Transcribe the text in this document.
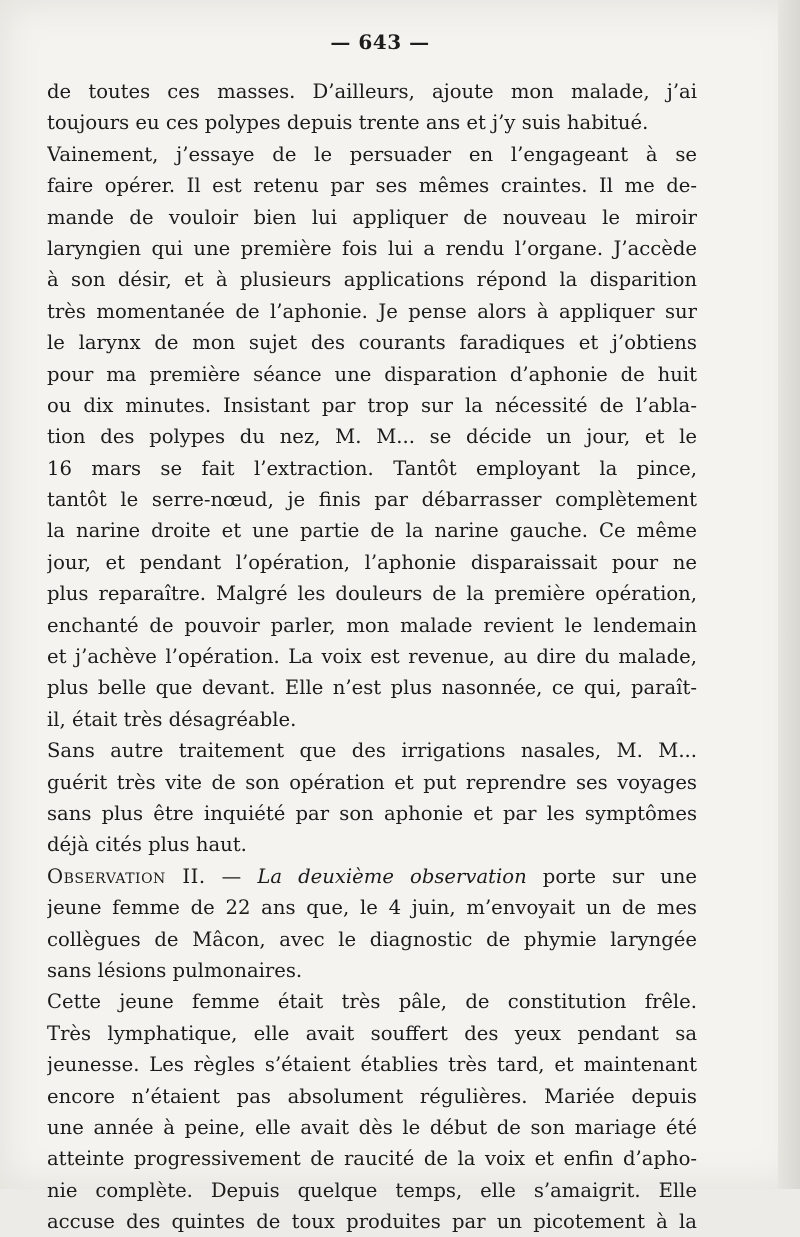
— 643 —
de toutes ces masses. D’ailleurs, ajoute mon malade, j’ai
toujours eu ces polypes depuis trente ans et j’y suis habitué.
Vainement, j’essaye de le persuader en l’engageant à se
faire opérer. Il est retenu par ses mêmes craintes. Il me de-
mande de vouloir bien lui appliquer de nouveau le miroir
laryngien qui une première fois lui a rendu l’organe. J’accède
à son désir, et à plusieurs applications répond la disparition
très momentanée de l’aphonie. Je pense alors à appliquer sur
le larynx de mon sujet des courants faradiques et j’obtiens
pour ma première séance une disparation d’aphonie de huit
ou dix minutes. Insistant par trop sur la nécessité de l’abla-
tion des polypes du nez, M. M... se décide un jour, et le
16 mars se fait l’extraction. Tantôt employant la pince,
tantôt le serre-nœud, je finis par débarrasser complètement
la narine droite et une partie de la narine gauche. Ce même
jour, et pendant l’opération, l’aphonie disparaissait pour ne
plus reparaître. Malgré les douleurs de la première opération,
enchanté de pouvoir parler, mon malade revient le lendemain
et j’achève l’opération. La voix est revenue, au dire du malade,
plus belle que devant. Elle n’est plus nasonnée, ce qui, paraît-
il, était très désagréable.
Sans autre traitement que des irrigations nasales, M. M...
guérit très vite de son opération et put reprendre ses voyages
sans plus être inquiété par son aphonie et par les symptômes
déjà cités plus haut.
Observation II. — La deuxième observation porte sur une
jeune femme de 22 ans que, le 4 juin, m’envoyait un de mes
collègues de Mâcon, avec le diagnostic de phymie laryngée
sans lésions pulmonaires.
Cette jeune femme était très pâle, de constitution frêle.
Très lymphatique, elle avait souffert des yeux pendant sa
jeunesse. Les règles s’étaient établies très tard, et maintenant
encore n’étaient pas absolument régulières. Mariée depuis
une année à peine, elle avait dès le début de son mariage été
atteinte progressivement de raucité de la voix et enfin d’apho-
nie complète. Depuis quelque temps, elle s’amaigrit. Elle
accuse des quintes de toux produites par un picotement à la
